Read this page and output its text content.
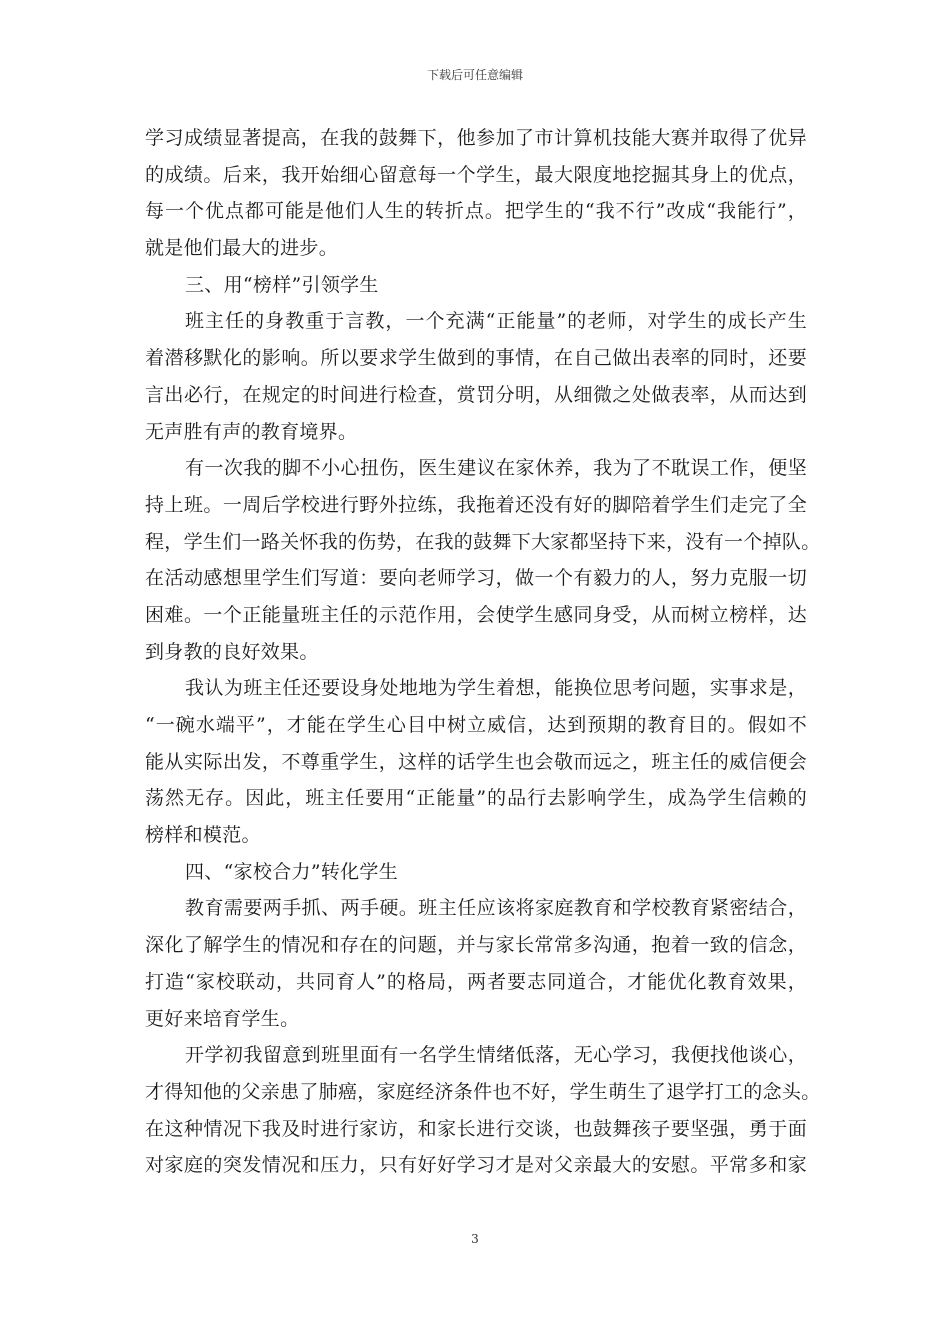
下载后可任意编辑
学习成绩显著提高，在我的鼓舞下，他参加了市计算机技能大赛并取得了优异
的成绩。后来，我开始细心留意每一个学生，最大限度地挖掘其身上的优点，
每一个优点都可能是他们人生的转折点。把学生的“我不行”改成“我能行”，
就是他们最大的进步。
三、用“榜样”引领学生
班主任的身教重于言教，一个充满“正能量”的老师，对学生的成长产生
着潜移默化的影响。所以要求学生做到的事情，在自己做出表率的同时，还要
言出必行，在规定的时间进行检查，赏罚分明，从细微之处做表率，从而达到
无声胜有声的教育境界。
有一次我的脚不小心扭伤，医生建议在家休养，我为了不耽误工作，便坚
持上班。一周后学校进行野外拉练，我拖着还没有好的脚陪着学生们走完了全
程，学生们一路关怀我的伤势，在我的鼓舞下大家都坚持下来，没有一个掉队。
在活动感想里学生们写道：要向老师学习，做一个有毅力的人，努力克服一切
困难。一个正能量班主任的示范作用，会使学生感同身受，从而树立榜样，达
到身教的良好效果。
我认为班主任还要设身处地地为学生着想，能换位思考问题，实事求是，
“一碗水端平”，才能在学生心目中树立威信，达到预期的教育目的。假如不
能从实际出发，不尊重学生，这样的话学生也会敬而远之，班主任的威信便会
荡然无存。因此，班主任要用“正能量”的品行去影响学生，成為学生信赖的
榜样和模范。
四、“家校合力”转化学生
教育需要两手抓、两手硬。班主任应该将家庭教育和学校教育紧密结合，
深化了解学生的情况和存在的问题，并与家长常常多沟通，抱着一致的信念，
打造“家校联动，共同育人”的格局，两者要志同道合，才能优化教育效果，
更好来培育学生。
开学初我留意到班里面有一名学生情绪低落，无心学习，我便找他谈心，
才得知他的父亲患了肺癌，家庭经济条件也不好，学生萌生了退学打工的念头。
在这种情况下我及时进行家访，和家长进行交谈，也鼓舞孩子要坚强，勇于面
对家庭的突发情况和压力，只有好好学习才是对父亲最大的安慰。平常多和家
3
